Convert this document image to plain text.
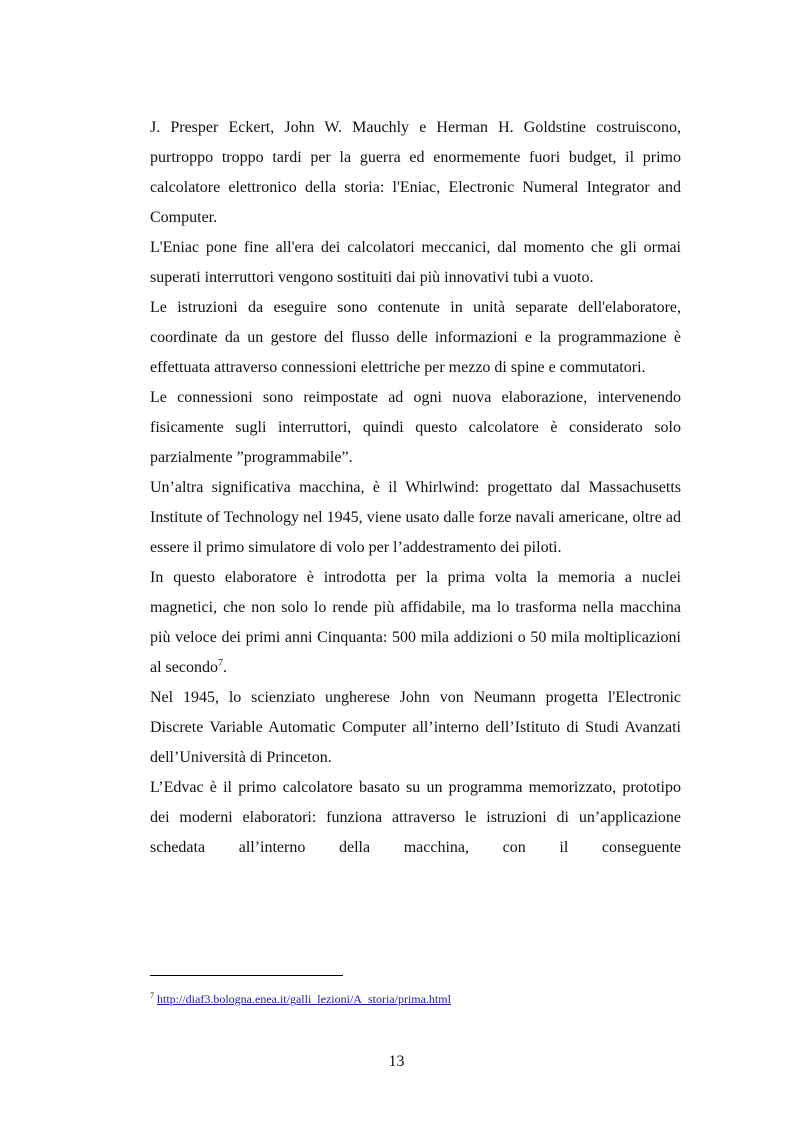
J. Presper Eckert, John W. Mauchly e Herman H. Goldstine costruiscono, purtroppo troppo tardi per la guerra ed enormemente fuori budget, il primo calcolatore elettronico della storia: l'Eniac, Electronic Numeral Integrator and Computer.

L'Eniac pone fine all'era dei calcolatori meccanici, dal momento che gli ormai superati interruttori vengono sostituiti dai più innovativi tubi a vuoto.

Le istruzioni da eseguire sono contenute in unità separate dell'elaboratore, coordinate da un gestore del flusso delle informazioni e la programmazione è effettuata attraverso connessioni elettriche per mezzo di spine e commutatori.

Le connessioni sono reimpostate ad ogni nuova elaborazione, intervenendo fisicamente sugli interruttori, quindi questo calcolatore è considerato solo parzialmente ”programmabile”.

Un’altra significativa macchina, è il Whirlwind: progettato dal Massachusetts Institute of Technology nel 1945, viene usato dalle forze navali americane, oltre ad essere il primo simulatore di volo per l’addestramento dei piloti.

In questo elaboratore è introdotta per la prima volta la memoria a nuclei magnetici, che non solo lo rende più affidabile, ma lo trasforma nella macchina più veloce dei primi anni Cinquanta: 500 mila addizioni o 50 mila moltiplicazioni al secondo$^7$.

Nel 1945, lo scienziato ungherese John von Neumann progetta l'Electronic Discrete Variable Automatic Computer all’interno dell’Istituto di Studi Avanzati dell’Università di Princeton.

L’Edvac è il primo calcolatore basato su un programma memorizzato, prototipo dei moderni elaboratori: funziona attraverso le istruzioni di un’applicazione schedata all’interno della macchina, con il conseguente

$^7$ http://diaf3.bologna.enea.it/galli_lezioni/A_storia/prima.html
13
